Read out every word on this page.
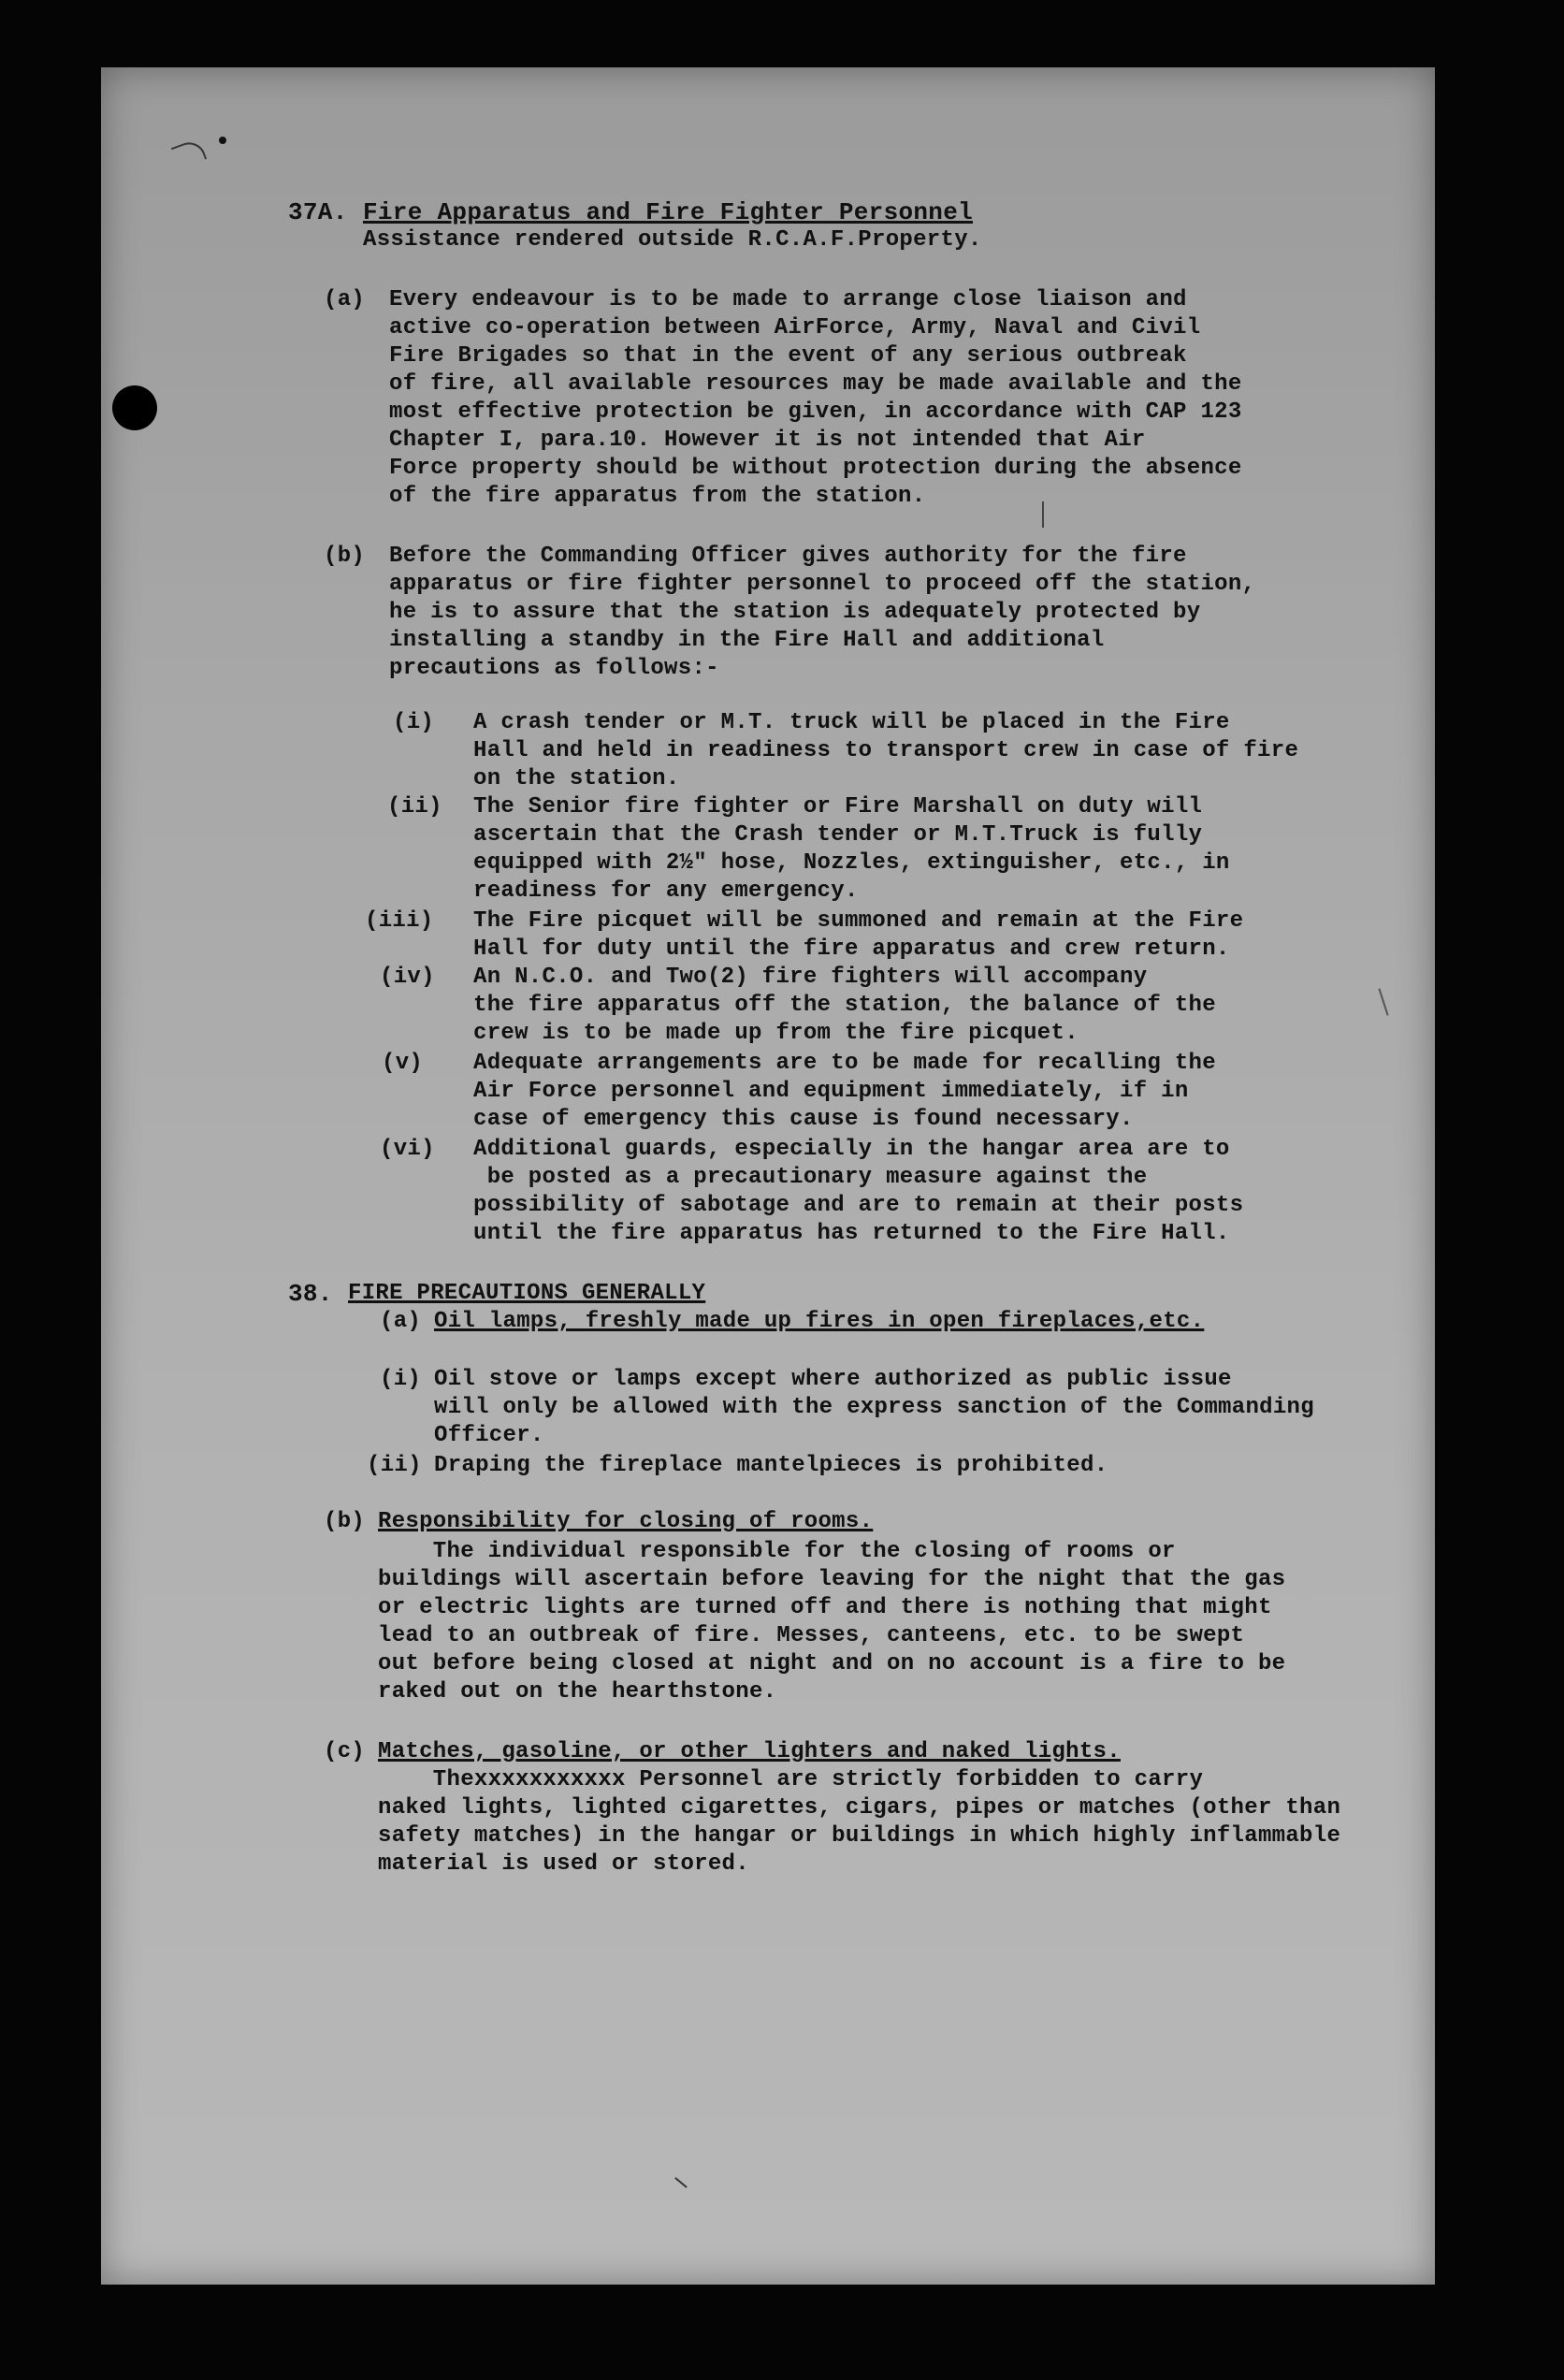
37A. Fire Apparatus and Fire Fighter Personnel

Assistance rendered outside R.C.A.F.Property.

(a) Every endeavour is to be made to arrange close liaison and

active co-operation between AirForce, Army, Naval and Civil

Fire Brigades so that in the event of any serious outbreak

of fire, all available resources may be made available and the

most effective protection be given, in accordance with CAP 123

Chapter I, para.10. However it is not intended that Air

Force property should be without protection during the absence

of the fire apparatus from the station.

(b) Before the Commanding Officer gives authority for the fire

apparatus or fire fighter personnel to proceed off the station,

he is to assure that the station is adequately protected by

installing a standby in the Fire Hall and additional

precautions as follows:-

(i) A crash tender or M.T. truck will be placed in the Fire

Hall and held in readiness to transport crew in case of fire

on the station.

(ii) The Senior fire fighter or Fire Marshall on duty will

ascertain that the Crash tender or M.T.Truck is fully

equipped with 2½" hose, Nozzles, extinguisher, etc., in

readiness for any emergency.

(iii) The Fire picquet will be summoned and remain at the Fire

Hall for duty until the fire apparatus and crew return.

(iv) An N.C.O. and Two(2) fire fighters will accompany

the fire apparatus off the station, the balance of the

crew is to be made up from the fire picquet.

(v) Adequate arrangements are to be made for recalling the

Air Force personnel and equipment immediately, if in

case of emergency this cause is found necessary.

(vi) Additional guards, especially in the hangar area are to

be posted as a precautionary measure against the

possibility of sabotage and are to remain at their posts

until the fire apparatus has returned to the Fire Hall.

38. FIRE PRECAUTIONS GENERALLY

(a) Oil lamps, freshly made up fires in open fireplaces,etc.

(i) Oil stove or lamps except where authorized as public issue

will only be allowed with the express sanction of the Commanding

Officer.

(ii) Draping the fireplace mantelpieces is prohibited.

(b) Responsibility for closing of rooms.

The individual responsible for the closing of rooms or

buildings will ascertain before leaving for the night that the gas

or electric lights are turned off and there is nothing that might

lead to an outbreak of fire. Messes, canteens, etc. to be swept

out before being closed at night and on no account is a fire to be

raked out on the hearthstone.

(c) Matches, gasoline, or other lighters and naked lights.

Thexxxxxxxxxxx Personnel are strictly forbidden to carry

naked lights, lighted cigarettes, cigars, pipes or matches (other than

safety matches) in the hangar or buildings in which highly inflammable

material is used or stored.
